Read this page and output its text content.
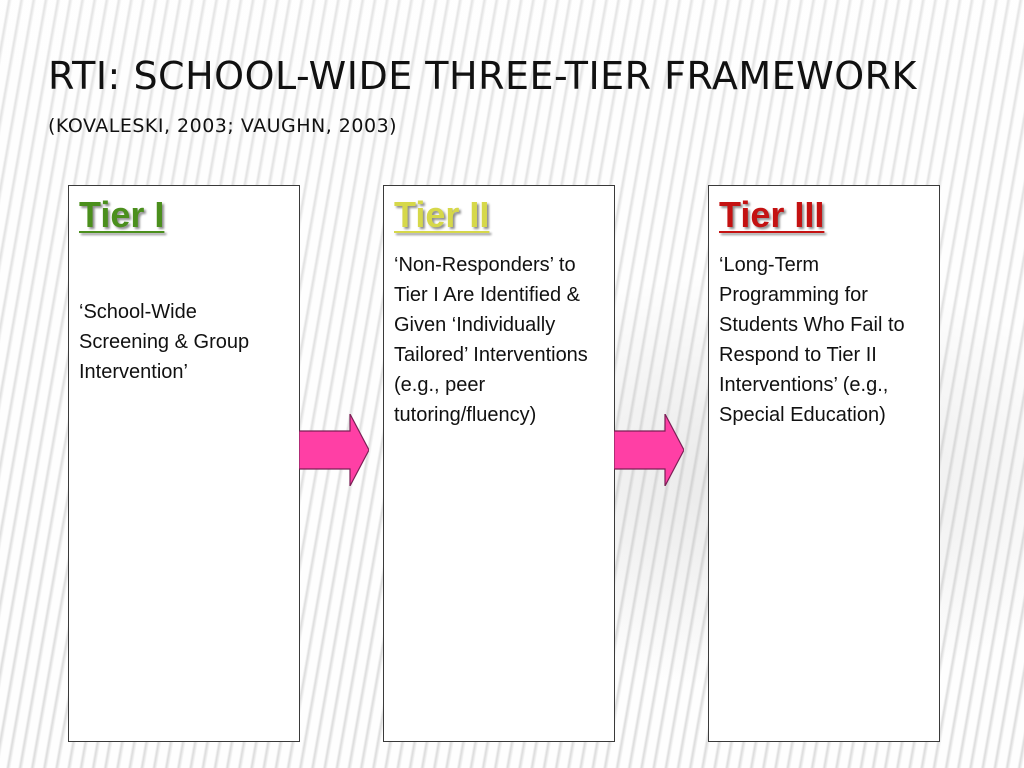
RTI: SCHOOL-WIDE THREE-TIER FRAMEWORK (KOVALESKI, 2003; VAUGHN, 2003)

Tier I

‘School-Wide Screening & Group Intervention’

Tier II

‘Non-Responders’ to Tier I Are Identified & Given ‘Individually Tailored’ Interventions (e.g., peer tutoring/fluency)

Tier III

‘Long-Term Programming for Students Who Fail to Respond to Tier II Interventions’ (e.g., Special Education)
